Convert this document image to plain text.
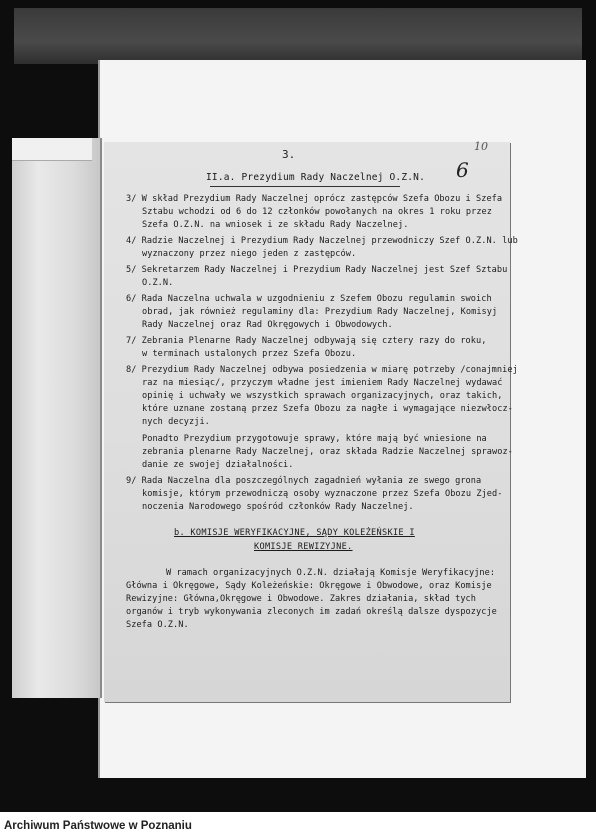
10
3.
6
II.a. Prezydium Rady Naczelnej O.Z.N.
3/ W skład Prezydium Rady Naczelnej oprócz zastępców Szefa Obozu i Szefa
Sztabu wchodzi od 6 do 12 członków powołanych na okres 1 roku przez
Szefa O.Z.N. na wniosek i ze składu Rady Naczelnej.
4/ Radzie Naczelnej i Prezydium Rady Naczelnej przewodniczy Szef O.Z.N. lub
wyznaczony przez niego jeden z zastępców.
5/ Sekretarzem Rady Naczelnej i Prezydium Rady Naczelnej jest Szef Sztabu
O.Z.N.
6/ Rada Naczelna uchwala w uzgodnieniu z Szefem Obozu regulamin swoich
obrad, jak również regulaminy dla: Prezydium Rady Naczelnej, Komisyj
Rady Naczelnej oraz Rad Okręgowych i Obwodowych.
7/ Zebrania Plenarne Rady Naczelnej odbywają się cztery razy do roku,
w terminach ustalonych przez Szefa Obozu.
8/ Prezydium Rady Naczelnej odbywa posiedzenia w miarę potrzeby /conajmniej
raz na miesiąc/, przyczym władne jest imieniem Rady Naczelnej wydawać
opinię i uchwały we wszystkich sprawach organizacyjnych, oraz takich,
które uznane zostaną przez Szefa Obozu za nagłe i wymagające niezwłocz-
nych decyzji.
Ponadto Prezydium przygotowuje sprawy, które mają być wniesione na
zebrania plenarne Rady Naczelnej, oraz składa Radzie Naczelnej sprawoz-
danie ze swojej działalności.
9/ Rada Naczelna dla poszczególnych zagadnień wyłania ze swego grona
komisje, którym przewodniczą osoby wyznaczone przez Szefa Obozu Zjed-
noczenia Narodowego spośród członków Rady Naczelnej.
b. KOMISJE WERYFIKACYJNE, SĄDY KOLEŻEŃSKIE I
KOMISJE REWIZYJNE.
W ramach organizacyjnych O.Z.N. działają Komisje Weryfikacyjne:
Główna i Okręgowe, Sądy Koleżeńskie: Okręgowe i Obwodowe, oraz Komisje
Rewizyjne: Główna,Okręgowe i Obwodowe. Zakres działania, skład tych
organów i tryb wykonywania zleconych im zadań określą dalsze dyspozycje
Szefa O.Z.N.
Archiwum Państwowe w Poznaniu
